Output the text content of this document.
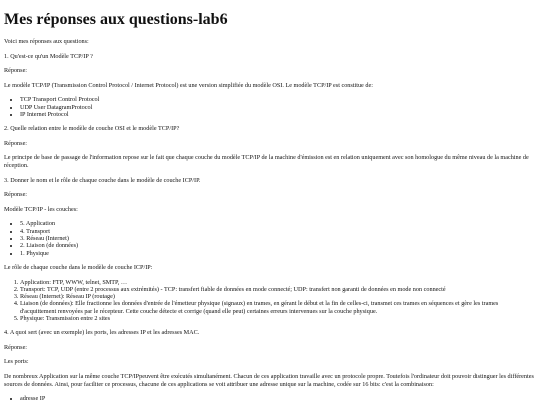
Mes réponses aux questions-lab6

Voici mes réponses aux questions:

1. Qu'est-ce qu'un Modèle TCP/IP ?

Réponse:

Le modèle TCP/IP (Transmission Control Protocol / Internet Protocol) est une version simplifiée du modèle OSI. Le modèle TCP/IP est constitue de:

• TCP Transport Control Protocol
• UDP User DatagramProtocol
• IP Internet Protocol

2. Quelle relation entre le modèle de couche OSI et le modèle TCP/IP?

Réponse:

Le principe de base de passage de l'information repose sur le fait que chaque couche du modèle TCP/IP de la machine d'émission est en relation uniquement avec son homologue du même niveau de la machine de réception.

3. Donner le nom et le rôle de chaque couche dans le modèle de couche ICP/IP.

Réponse:

Modèle TCP/IP - les couches:

• 5. Application
• 4. Transport
• 3. Réseau (Internet)
• 2. Liaison (de données)
• 1. Physique

Le rôle de chaque couche dans le modèle de couche ICP/IP:

1. Application: FTP, WWW, telnet, SMTP, …
2. Transport: TCP, UDP (entre 2 processus aux extrémités) - TCP: transfert fiable de données en mode connecté; UDP: transfert non garanti de données en mode non connecté
3. Réseau (Internet): Réseau IP (routage)
4. Liaison (de données): Elle fractionne les données d'entrée de l'émetteur physique (signaux) en trames, en gérant le début et la fin de celles-ci, transmet ces trames en séquences et gère les trames d'acquittement renvoyées par le récepteur. Cette couche détecte et corrige (quand elle peut) certaines erreurs intervenues sur la couche physique.
5. Physique: Transmission entre 2 sites

4. A quoi sert (avec un exemple) les ports, les adresses IP et les adresses MAC.

Réponse:

Les ports:

De nombreux Application sur la même couche TCP/IPpeuvent être exécutés simultanément. Chacun de ces application travaille avec un protocole propre. Toutefois l'ordinateur doit pouvoir distinguer les différentes sources de données. Ainsi, pour faciliter ce processus, chacune de ces applications se voit attribuer une adresse unique sur la machine, codée sur 16 bits: c'est la combinaison:

• adresse IP
